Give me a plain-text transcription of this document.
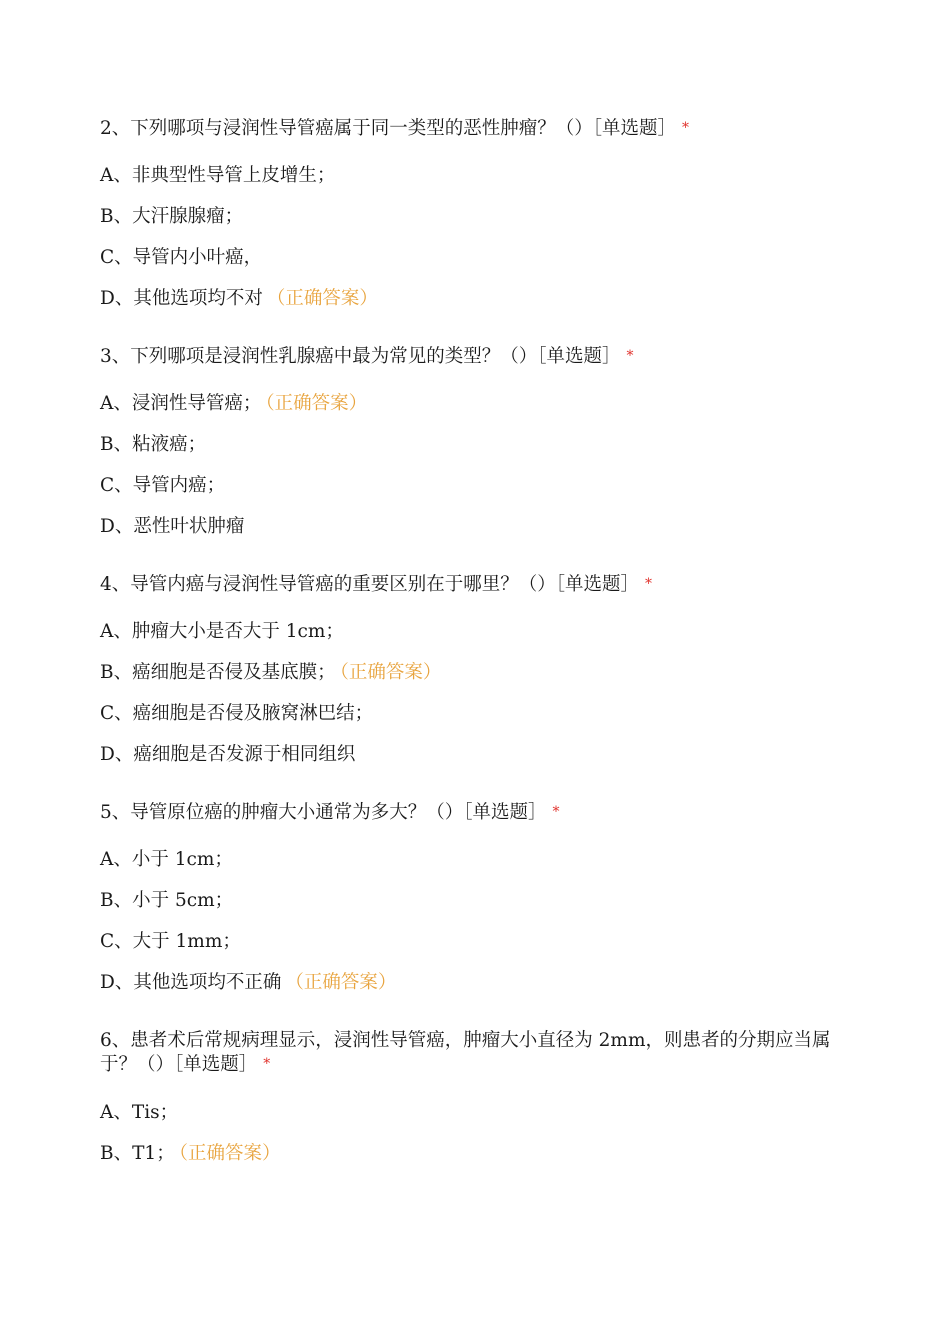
2、下列哪项与浸润性导管癌属于同一类型的恶性肿瘤？（）［单选题］ *

A、非典型性导管上皮增生；
B、大汗腺腺瘤；
C、导管内小叶癌，
D、其他选项均不对 （正确答案）

3、下列哪项是浸润性乳腺癌中最为常见的类型？（）［单选题］ *

A、浸润性导管癌； （正确答案）
B、粘液癌；
C、导管内癌；
D、恶性叶状肿瘤

4、导管内癌与浸润性导管癌的重要区别在于哪里？（）［单选题］ *

A、肿瘤大小是否大于 1cm；
B、癌细胞是否侵及基底膜； （正确答案）
C、癌细胞是否侵及腋窝淋巴结；
D、癌细胞是否发源于相同组织

5、导管原位癌的肿瘤大小通常为多大？（）［单选题］ *

A、小于 1cm；
B、小于 5cm；
C、大于 1mm；
D、其他选项均不正确 （正确答案）

6、患者术后常规病理显示，浸润性导管癌，肿瘤大小直径为 2mm，则患者的分期应当属于？（）［单选题］ *

A、Tis；
B、T1； （正确答案）
